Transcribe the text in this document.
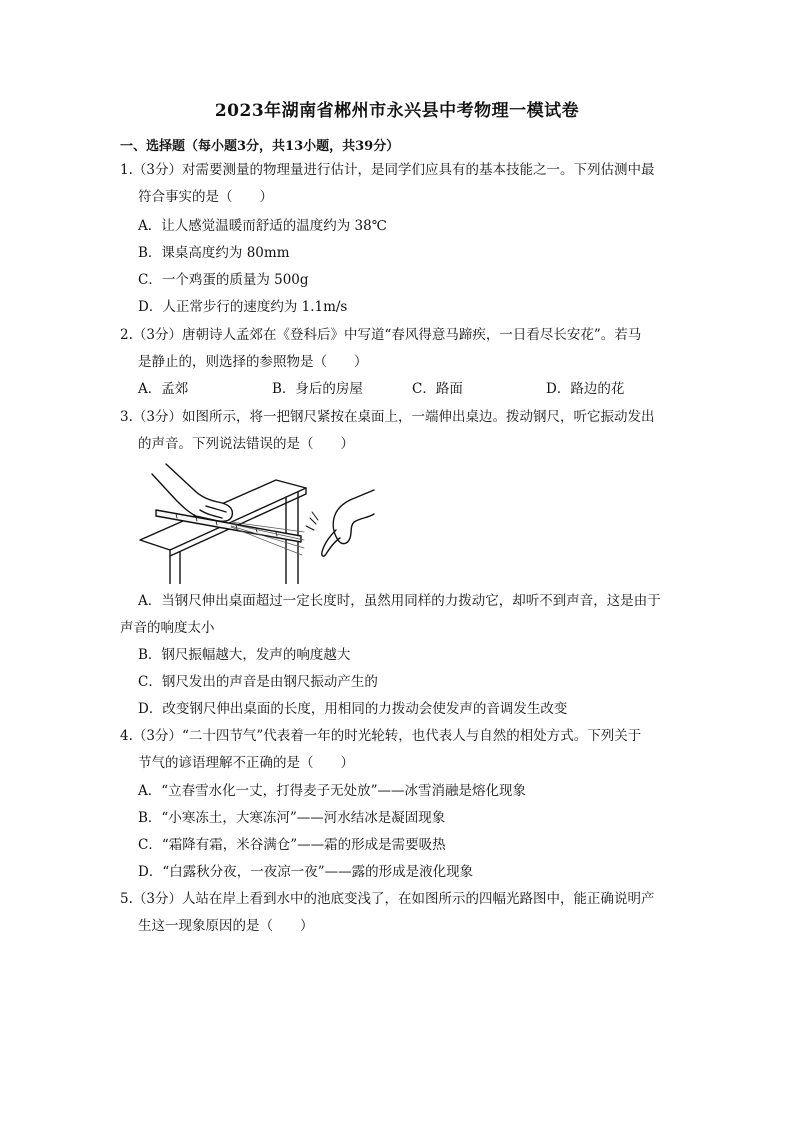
2023年湖南省郴州市永兴县中考物理一模试卷
一、选择题（每小题3分，共13小题，共39分）
1.（3分）对需要测量的物理量进行估计，是同学们应具有的基本技能之一。下列估测中最
符合事实的是（　　）
A．让人感觉温暖而舒适的温度约为 38℃
B．课桌高度约为 80mm
C．一个鸡蛋的质量为 500g
D．人正常步行的速度约为 1.1m/s
2.（3分）唐朝诗人孟郊在《登科后》中写道“春风得意马蹄疾，一日看尽长安花”。若马
是静止的，则选择的参照物是（　　）
A．孟郊	B．身后的房屋	C．路面	D．路边的花
3.（3分）如图所示，将一把钢尺紧按在桌面上，一端伸出桌边。拨动钢尺，听它振动发出
的声音。下列说法错误的是（　　）
A．当钢尺伸出桌面超过一定长度时，虽然用同样的力拨动它，却听不到声音，这是由于
声音的响度太小
B．钢尺振幅越大，发声的响度越大
C．钢尺发出的声音是由钢尺振动产生的
D．改变钢尺伸出桌面的长度，用相同的力拨动会使发声的音调发生改变
4.（3分）“二十四节气”代表着一年的时光轮转，也代表人与自然的相处方式。下列关于
节气的谚语理解不正确的是（　　）
A．“立春雪水化一丈，打得麦子无处放”——冰雪消融是熔化现象
B．“小寒冻土，大寒冻河”——河水结冰是凝固现象
C．“霜降有霜，米谷满仓”——霜的形成是需要吸热
D．“白露秋分夜，一夜凉一夜”——露的形成是液化现象
5.（3分）人站在岸上看到水中的池底变浅了，在如图所示的四幅光路图中，能正确说明产
生这一现象原因的是（　　）
